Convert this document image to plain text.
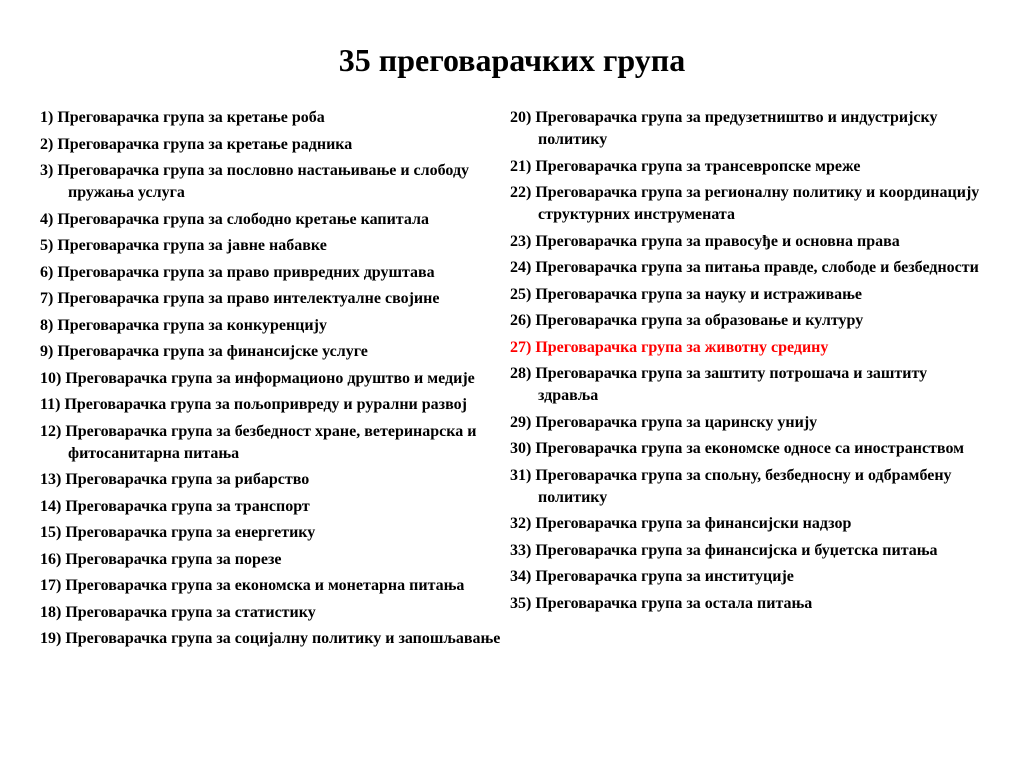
35 преговарачких група
1) Преговарачка група за кретање роба
2) Преговарачка група за кретање радника
3) Преговарачка група за пословно настањивање и слободу пружања услуга
4) Преговарачка група за слободно кретање капитала
5) Преговарачка група за јавне набавке
6) Преговарачка група за право привредних друштава
7) Преговарачка група за право интелектуалне својине
8) Преговарачка група за конкуренцију
9) Преговарачка група за финансијске услуге
10) Преговарачка група за информационо друштво и медије
11) Преговарачка група за пољопривреду и рурални развој
12) Преговарачка група за безбедност хране, ветеринарска и фитосанитарна питања
13) Преговарачка група за рибарство
14) Преговарачка група за транспорт
15) Преговарачка група за енергетику
16) Преговарачка група за порезе
17) Преговарачка група за економска и монетарна питања
18) Преговарачка група за статистику
19) Преговарачка група за социјалну политику и запошљавање
20) Преговарачка група за предузетништво и индустријску политику
21) Преговарачка група за трансевропске мреже
22) Преговарачка група за регионалну политику и координацију структурних инструмената
23) Преговарачка група за правосуђе и основна права
24) Преговарачка група за питања правде, слободе и безбедности
25) Преговарачка група за науку и истраживање
26) Преговарачка група за образовање и културу
27) Преговарачка група за животну средину
28) Преговарачка група за заштиту потрошача и заштиту здравља
29) Преговарачка група за царинску унију
30) Преговарачка група за економске односе са иностранством
31) Преговарачка група за спољну, безбедносну и одбрамбену политику
32) Преговарачка група за финансијски надзор
33) Преговарачка група за финансијска и буџетска питања
34) Преговарачка група за институције
35) Преговарачка група за остала питања
